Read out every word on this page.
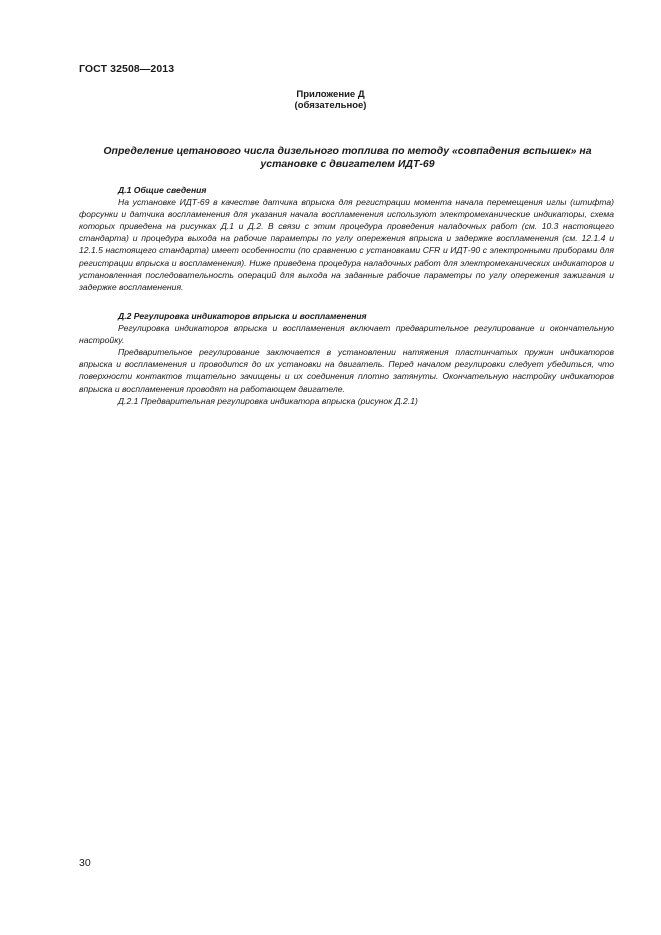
ГОСТ 32508—2013
Приложение Д
(обязательное)
Определение цетанового числа дизельного топлива по методу «совпадения вспышек» на установке с двигателем ИДТ-69
Д.1 Общие сведения

На установке ИДТ-69 в качестве датчика впрыска для регистрации момента начала перемещения иглы (штифта) форсунки и датчика воспламенения для указания начала воспламенения используют электромеханические индикаторы, схема которых приведена на рисунках Д.1 и Д.2. В связи с этим процедура проведения наладочных работ (см. 10.3 настоящего стандарта) и процедура выхода на рабочие параметры по углу опережения впрыска и задержке воспламенения (см. 12.1.4 и 12.1.5 настоящего стандарта) имеет особенности (по сравнению с установками CFR и ИДТ-90 с электронными приборами для регистрации впрыска и воспламенения). Ниже приведена процедура наладочных работ для электромеханических индикаторов и установленная последовательность операций для выхода на заданные рабочие параметры по углу опережения зажигания и задержке воспламенения.

Д.2 Регулировка индикаторов впрыска и воспламенения

Регулировка индикаторов впрыска и воспламенения включает предварительное регулирование и окончательную настройку.

Предварительное регулирование заключается в установлении натяжения пластинчатых пружин индикаторов впрыска и воспламенения и проводится до их установки на двигатель. Перед началом регулировки следует убедиться, что поверхности контактов тщательно зачищены и их соединения плотно затянуты. Окончательную настройку индикаторов впрыска и воспламенения проводят на работающем двигателе.

Д.2.1 Предварительная регулировка индикатора впрыска (рисунок Д.2.1)

30
